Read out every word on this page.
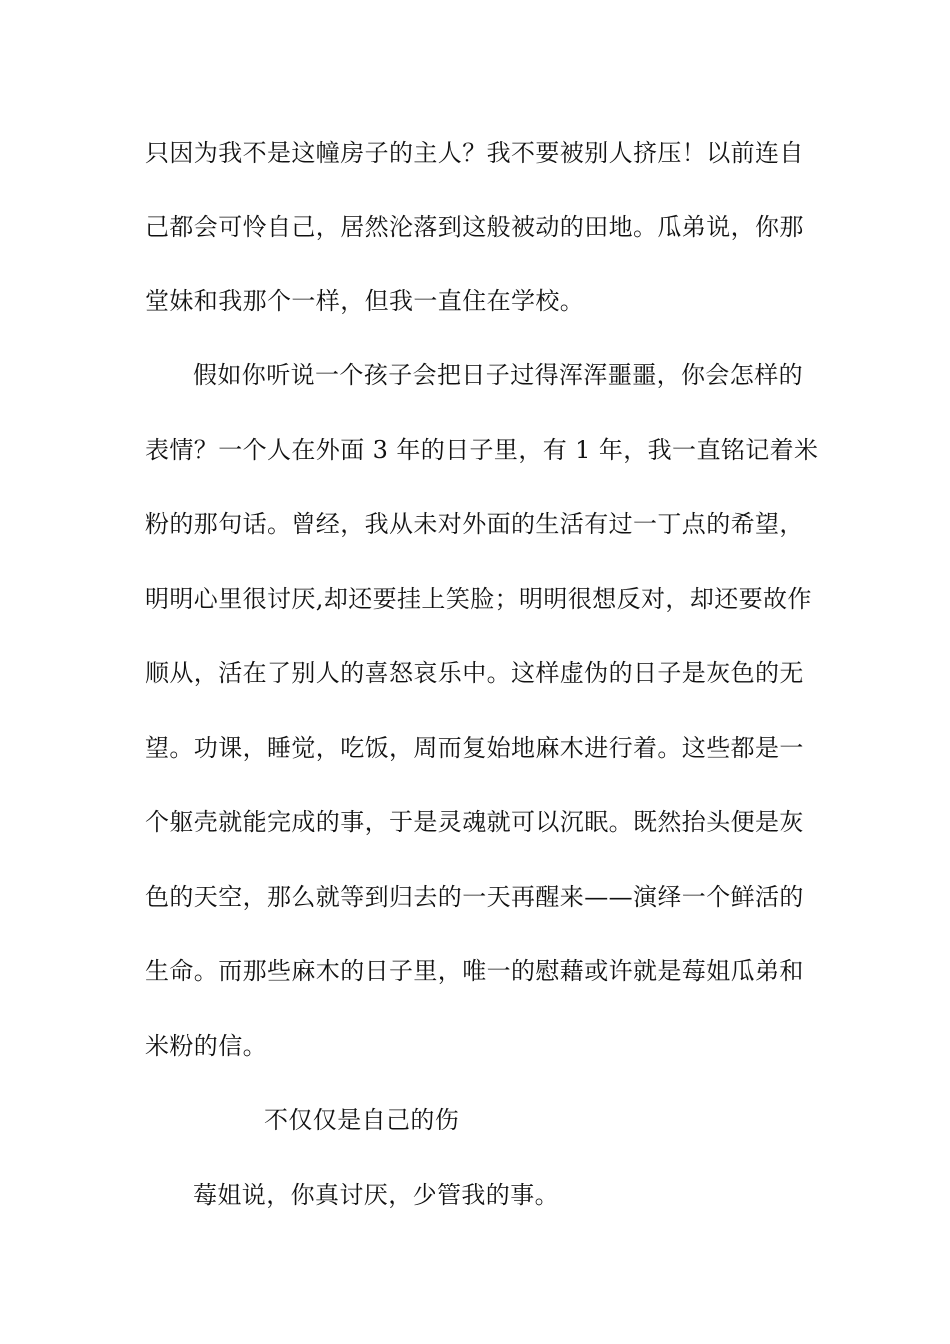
只因为我不是这幢房子的主人？我不要被别人挤压！以前连自
己都会可怜自己，居然沦落到这般被动的田地。瓜弟说，你那
堂妹和我那个一样，但我一直住在学校。
假如你听说一个孩子会把日子过得浑浑噩噩，你会怎样的
表情？一个人在外面 3 年的日子里，有 1 年，我一直铭记着米
粉的那句话。曾经，我从未对外面的生活有过一丁点的希望，
明明心里很讨厌,却还要挂上笑脸；明明很想反对，却还要故作
顺从，活在了别人的喜怒哀乐中。这样虚伪的日子是灰色的无
望。功课，睡觉，吃饭，周而复始地麻木进行着。这些都是一
个躯壳就能完成的事，于是灵魂就可以沉眠。既然抬头便是灰
色的天空，那么就等到归去的一天再醒来——演绎一个鲜活的
生命。而那些麻木的日子里，唯一的慰藉或许就是莓姐瓜弟和
米粉的信。
不仅仅是自己的伤
莓姐说，你真讨厌，少管我的事。
